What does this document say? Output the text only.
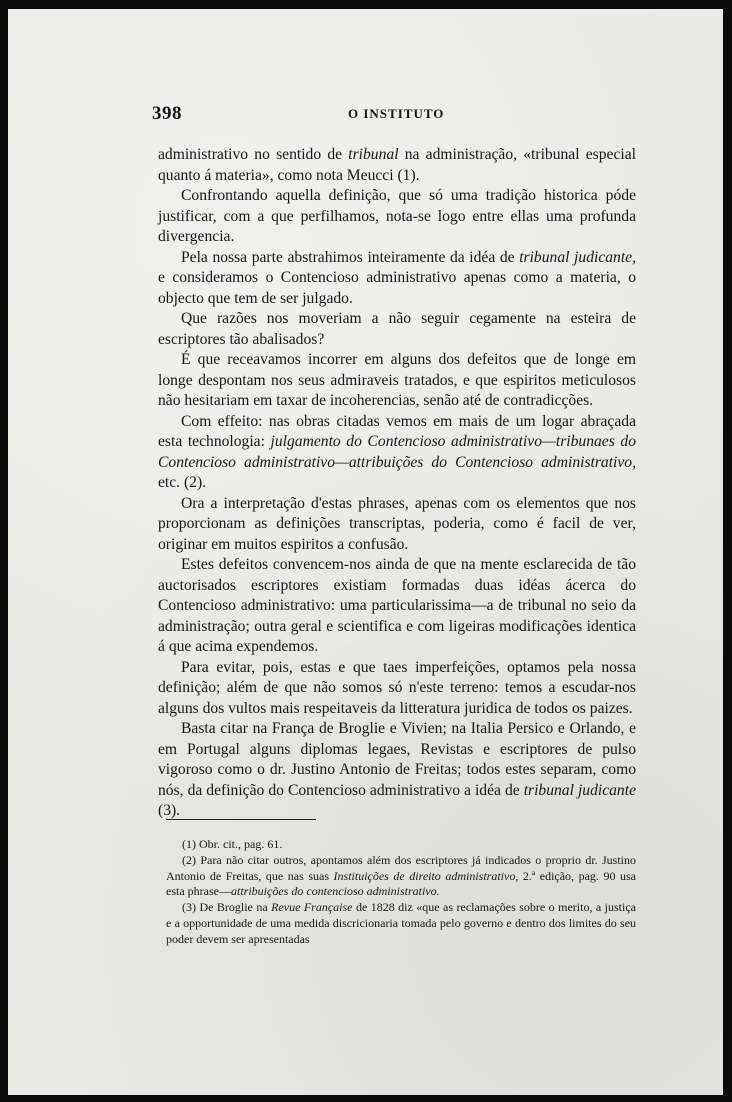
398	O INSTITUTO

administrativo no sentido de tribunal na administração, «tribunal especial quanto á materia», como nota Meucci (1).

Confrontando aquella definição, que só uma tradição historica póde justificar, com a que perfilhamos, nota-se logo entre ellas uma profunda divergencia.

Pela nossa parte abstrahimos inteiramente da idéa de tribunal judicante, e consideramos o Contencioso administrativo apenas como a materia, o objecto que tem de ser julgado.

Que razões nos moveriam a não seguir cegamente na esteira de escriptores tão abalisados?

É que receavamos incorrer em alguns dos defeitos que de longe em longe despontam nos seus admiraveis tratados, e que espiritos meticulosos não hesitariam em taxar de incoherencias, senão até de contradicções.

Com effeito: nas obras citadas vemos em mais de um logar abraçada esta technologia: julgamento do Contencioso administrativo—tribunaes do Contencioso administrativo—attribuições do Contencioso administrativo, etc. (2).

Ora a interpretação d'estas phrases, apenas com os elementos que nos proporcionam as definições transcriptas, poderia, como é facil de ver, originar em muitos espiritos a confusão.

Estes defeitos convencem-nos ainda de que na mente esclarecida de tão auctorisados escriptores existiam formadas duas idéas ácerca do Contencioso administrativo: uma particularissima—a de tribunal no seio da administração; outra geral e scientifica e com ligeiras modificações identica á que acima expendemos.

Para evitar, pois, estas e que taes imperfeições, optamos pela nossa definição; além de que não somos só n'este terreno: temos a escudar-nos alguns dos vultos mais respeitaveis da litteratura juridica de todos os paizes.

Basta citar na França de Broglie e Vivien; na Italia Persico e Orlando, e em Portugal alguns diplomas legaes, Revistas e escriptores de pulso vigoroso como o dr. Justino Antonio de Freitas; todos estes separam, como nós, da definição do Contencioso administrativo a idéa de tribunal judicante (3).

(1) Obr. cit., pag. 61.

(2) Para não citar outros, apontamos além dos escriptores já indicados o proprio dr. Justino Antonio de Freitas, que nas suas Instituições de direito administrativo, 2.ª edição, pag. 90 usa esta phrase—attribuições do contencioso administrativo.

(3) De Broglie na Revue Française de 1828 diz «que as reclamações sobre o merito, a justiça e a opportunidade de uma medida discricionaria tomada pelo governo e dentro dos limites do seu poder devem ser apresentadas
